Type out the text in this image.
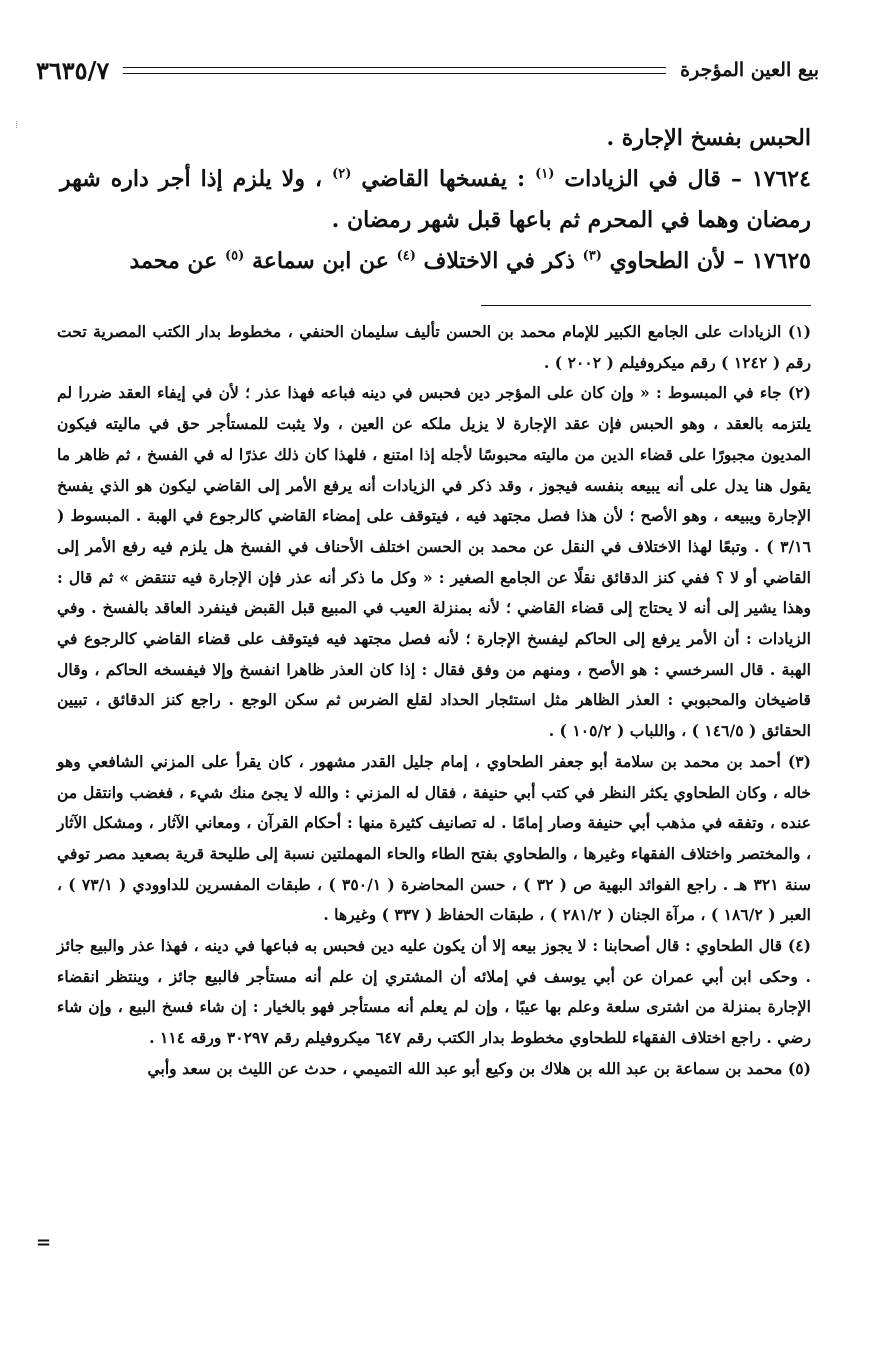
بيع العين المؤجرة
٣٦٣٥/٧
⁞	الحبس بفسخ الإجارة .

١٧٦٢٤ – قال في الزيادات $^{(١)}$ : يفسخها القاضي $^{(٢)}$ ، ولا يلزم إذا أجر داره شهر رمضان وهما في المحرم ثم باعها قبل شهر رمضان .

١٧٦٢٥ – لأن الطحاوي $^{(٣)}$ ذكر في الاختلاف $^{(٤)}$ عن ابن سماعة $^{(٥)}$ عن محمد

(١) الزيادات على الجامع الكبير للإمام محمد بن الحسن تأليف سليمان الحنفي ، مخطوط بدار الكتب المصرية تحت رقم ( ١٢٤٢ ) رقم ميكروفيلم ( ٢٠٠٢ ) .

(٢) جاء في المبسوط : « وإن كان على المؤجر دين فحبس في دينه فباعه فهذا عذر ؛ لأن في إيفاء العقد ضررا لم يلتزمه بالعقد ، وهو الحبس فإن عقد الإجارة لا يزيل ملكه عن العين ، ولا يثبت للمستأجر حق في ماليته فيكون المديون مجبورًا على قضاء الدين من ماليته محبوسًا لأجله إذا امتنع ، فلهذا كان ذلك عذرًا له في الفسخ ، ثم ظاهر ما يقول هنا يدل على أنه يبيعه بنفسه فيجوز ، وقد ذكر في الزيادات أنه يرفع الأمر إلى القاضي ليكون هو الذي يفسخ الإجارة ويبيعه ، وهو الأصح ؛ لأن هذا فصل مجتهد فيه ، فيتوقف على إمضاء القاضي كالرجوع في الهبة . المبسوط ( ٣/١٦ ) . وتبعًا لهذا الاختلاف في النقل عن محمد بن الحسن اختلف الأحناف في الفسخ هل يلزم فيه رفع الأمر إلى القاضي أو لا ؟ ففي كنز الدقائق نقلًا عن الجامع الصغير : « وكل ما ذكر أنه عذر فإن الإجارة فيه تنتقض » ثم قال : وهذا يشير إلى أنه لا يحتاج إلى قضاء القاضي ؛ لأنه بمنزلة العيب في المبيع قبل القبض فينفرد العاقد بالفسخ . وفي الزيادات : أن الأمر يرفع إلى الحاكم ليفسخ الإجارة ؛ لأنه فصل مجتهد فيه فيتوقف على قضاء القاضي كالرجوع في الهبة . قال السرخسي : هو الأصح ، ومنهم من وفق فقال : إذا كان العذر ظاهرا انفسخ وإلا فيفسخه الحاكم ، وقال قاضيخان والمحبوبي : العذر الظاهر مثل استئجار الحداد لقلع الضرس ثم سكن الوجع . راجع كنز الدقائق ، تبيين الحقائق ( ١٤٦/٥ ) ، واللباب ( ١٠٥/٢ ) .

(٣) أحمد بن محمد بن سلامة أبو جعفر الطحاوي ، إمام جليل القدر مشهور ، كان يقرأ على المزني الشافعي وهو خاله ، وكان الطحاوي يكثر النظر في كتب أبي حنيفة ، فقال له المزني : والله لا يجئ منك شيء ، فغضب وانتقل من عنده ، وتفقه في مذهب أبي حنيفة وصار إمامًا . له تصانيف كثيرة منها : أحكام القرآن ، ومعاني الآثار ، ومشكل الآثار ، والمختصر واختلاف الفقهاء وغيرها ، والطحاوي بفتح الطاء والحاء المهملتين نسبة إلى طليحة قرية بصعيد مصر توفي سنة ٣٢١ هـ . راجع الفوائد البهية ص ( ٣٢ ) ، حسن المحاضرة ( ٣٥٠/١ ) ، طبقات المفسرين للداوودي ( ٧٣/١ ) ، العبر ( ١٨٦/٢ ) ، مرآة الجنان ( ٢٨١/٢ ) ، طبقات الحفاظ ( ٣٣٧ ) وغيرها .

(٤) قال الطحاوي : قال أصحابنا : لا يجوز بيعه إلا أن يكون عليه دين فحبس به فباعها في دينه ، فهذا عذر والبيع جائز . وحكى ابن أبي عمران عن أبي يوسف في إملائه أن المشتري إن علم أنه مستأجر فالبيع جائز ، وينتظر انقضاء الإجارة بمنزلة من اشترى سلعة وعلم بها عيبًا ، وإن لم يعلم أنه مستأجر فهو بالخيار : إن شاء فسخ البيع ، وإن شاء رضي . راجع اختلاف الفقهاء للطحاوي مخطوط بدار الكتب رقم ٦٤٧ ميكروفيلم رقم ٣٠٢٩٧ ورقه ١١٤ .

(٥) محمد بن سماعة بن عبد الله بن هلاك بن وكيع أبو عبد الله التميمي ، حدث عن الليث بن سعد وأبي

=
